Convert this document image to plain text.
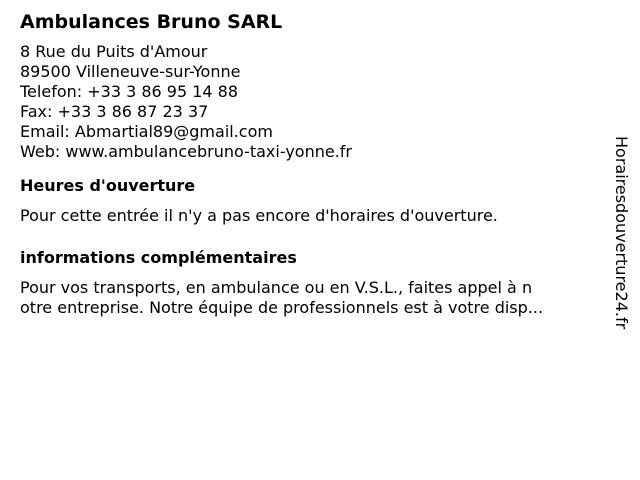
Ambulances Bruno SARL
8 Rue du Puits d'Amour
89500 Villeneuve-sur-Yonne
Telefon: +33 3 86 95 14 88
Fax: +33 3 86 87 23 37
Email: Abmartial89@gmail.com
Web: www.ambulancebruno-taxi-yonne.fr
Heures d'ouverture
Pour cette entrée il n'y a pas encore d'horaires d'ouverture.
informations complémentaires
Pour vos transports, en ambulance ou en V.S.L., faites appel à n
otre entreprise. Notre équipe de professionnels est à votre disp...	Horairesdouverture24.fr
